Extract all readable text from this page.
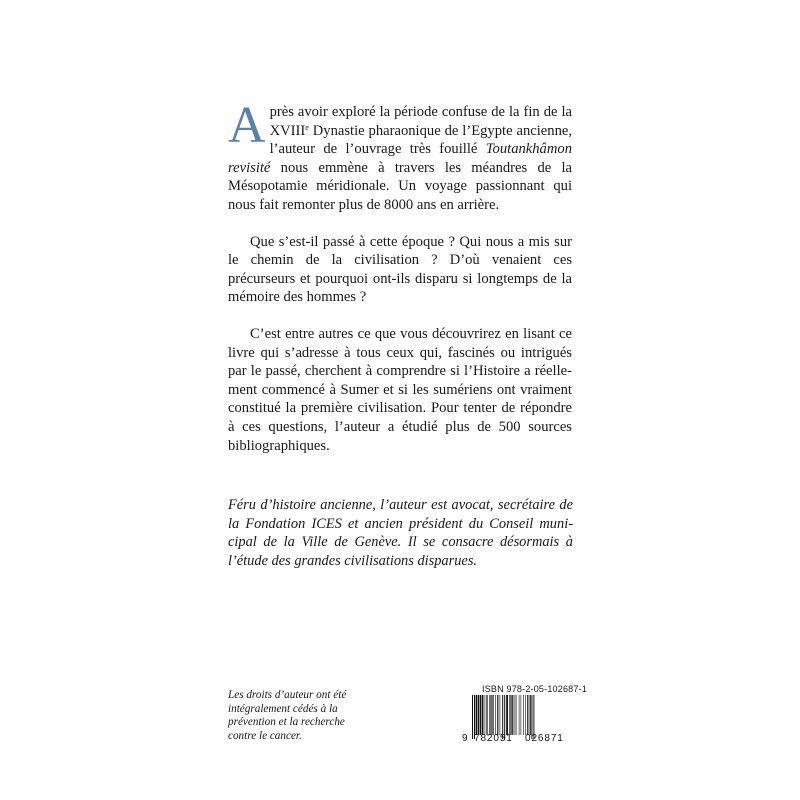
Après avoir exploré la période confuse de la fin de la XVIIIe Dynastie pharaonique de l’Egypte ancienne, l’auteur de l’ouvrage très fouillé Toutankhâmon revisité nous emmène à travers les méandres de la Mésopotamie méridionale. Un voyage passionnant qui nous fait remonter plus de 8000 ans en arrière.

Que s’est-il passé à cette époque ? Qui nous a mis sur le chemin de la civilisation ? D’où venaient ces précurseurs et pourquoi ont-ils disparu si longtemps de la mémoire des hommes ?

C’est entre autres ce que vous découvrirez en lisant ce livre qui s’adresse à tous ceux qui, fascinés ou intrigués par le passé, cherchent à comprendre si l’Histoire a réellement commencé à Sumer et si les sumériens ont vraiment constitué la première civilisation. Pour tenter de répondre à ces questions, l’auteur a étudié plus de 500 sources bibliographiques.

Féru d’histoire ancienne, l’auteur est avocat, secrétaire de la Fondation ICES et ancien président du Conseil municipal de la Ville de Genève. Il se consacre désormais à l’étude des grandes civilisations disparues.

Les droits d’auteur ont été intégralement cédés à la prévention et la recherche contre le cancer.

ISBN 978-2-05-102687-1
9 782051 026871
